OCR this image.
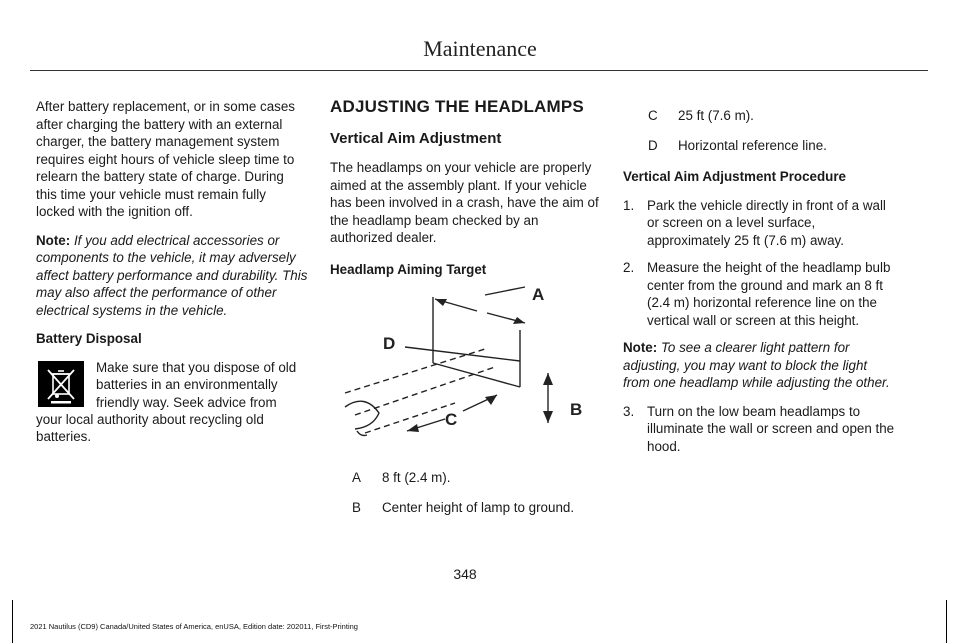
Maintenance

After battery replacement, or in some cases after charging the battery with an external charger, the battery management system requires eight hours of vehicle sleep time to relearn the battery state of charge. During this time your vehicle must remain fully locked with the ignition off.

Note: If you add electrical accessories or components to the vehicle, it may adversely affect battery performance and durability. This may also affect the performance of other electrical systems in the vehicle.

Battery Disposal

Make sure that you dispose of old
batteries in an environmentally
friendly way. Seek advice from
your local authority about recycling old batteries.
ADJUSTING THE HEADLAMPS
Vertical Aim Adjustment

The headlamps on your vehicle are properly aimed at the assembly plant. If your vehicle has been involved in a crash, have the aim of the headlamp beam checked by an authorized dealer.

Headlamp Aiming Target

A
B
C
D
A	8 ft (2.4 m).
B	Center height of lamp to ground.
C	25 ft (7.6 m).
D	Horizontal reference line.

Vertical Aim Adjustment Procedure

1. Park the vehicle directly in front of a wall or screen on a level surface, approximately 25 ft (7.6 m) away.
2. Measure the height of the headlamp bulb center from the ground and mark an 8 ft (2.4 m) horizontal reference line on the vertical wall or screen at this height.

Note: To see a clearer light pattern for adjusting, you may want to block the light from one headlamp while adjusting the other.

3. Turn on the low beam headlamps to illuminate the wall or screen and open the hood.
348
2021 Nautilus (CD9) Canada/United States of America, enUSA, Edition date: 202011, First-Printing
